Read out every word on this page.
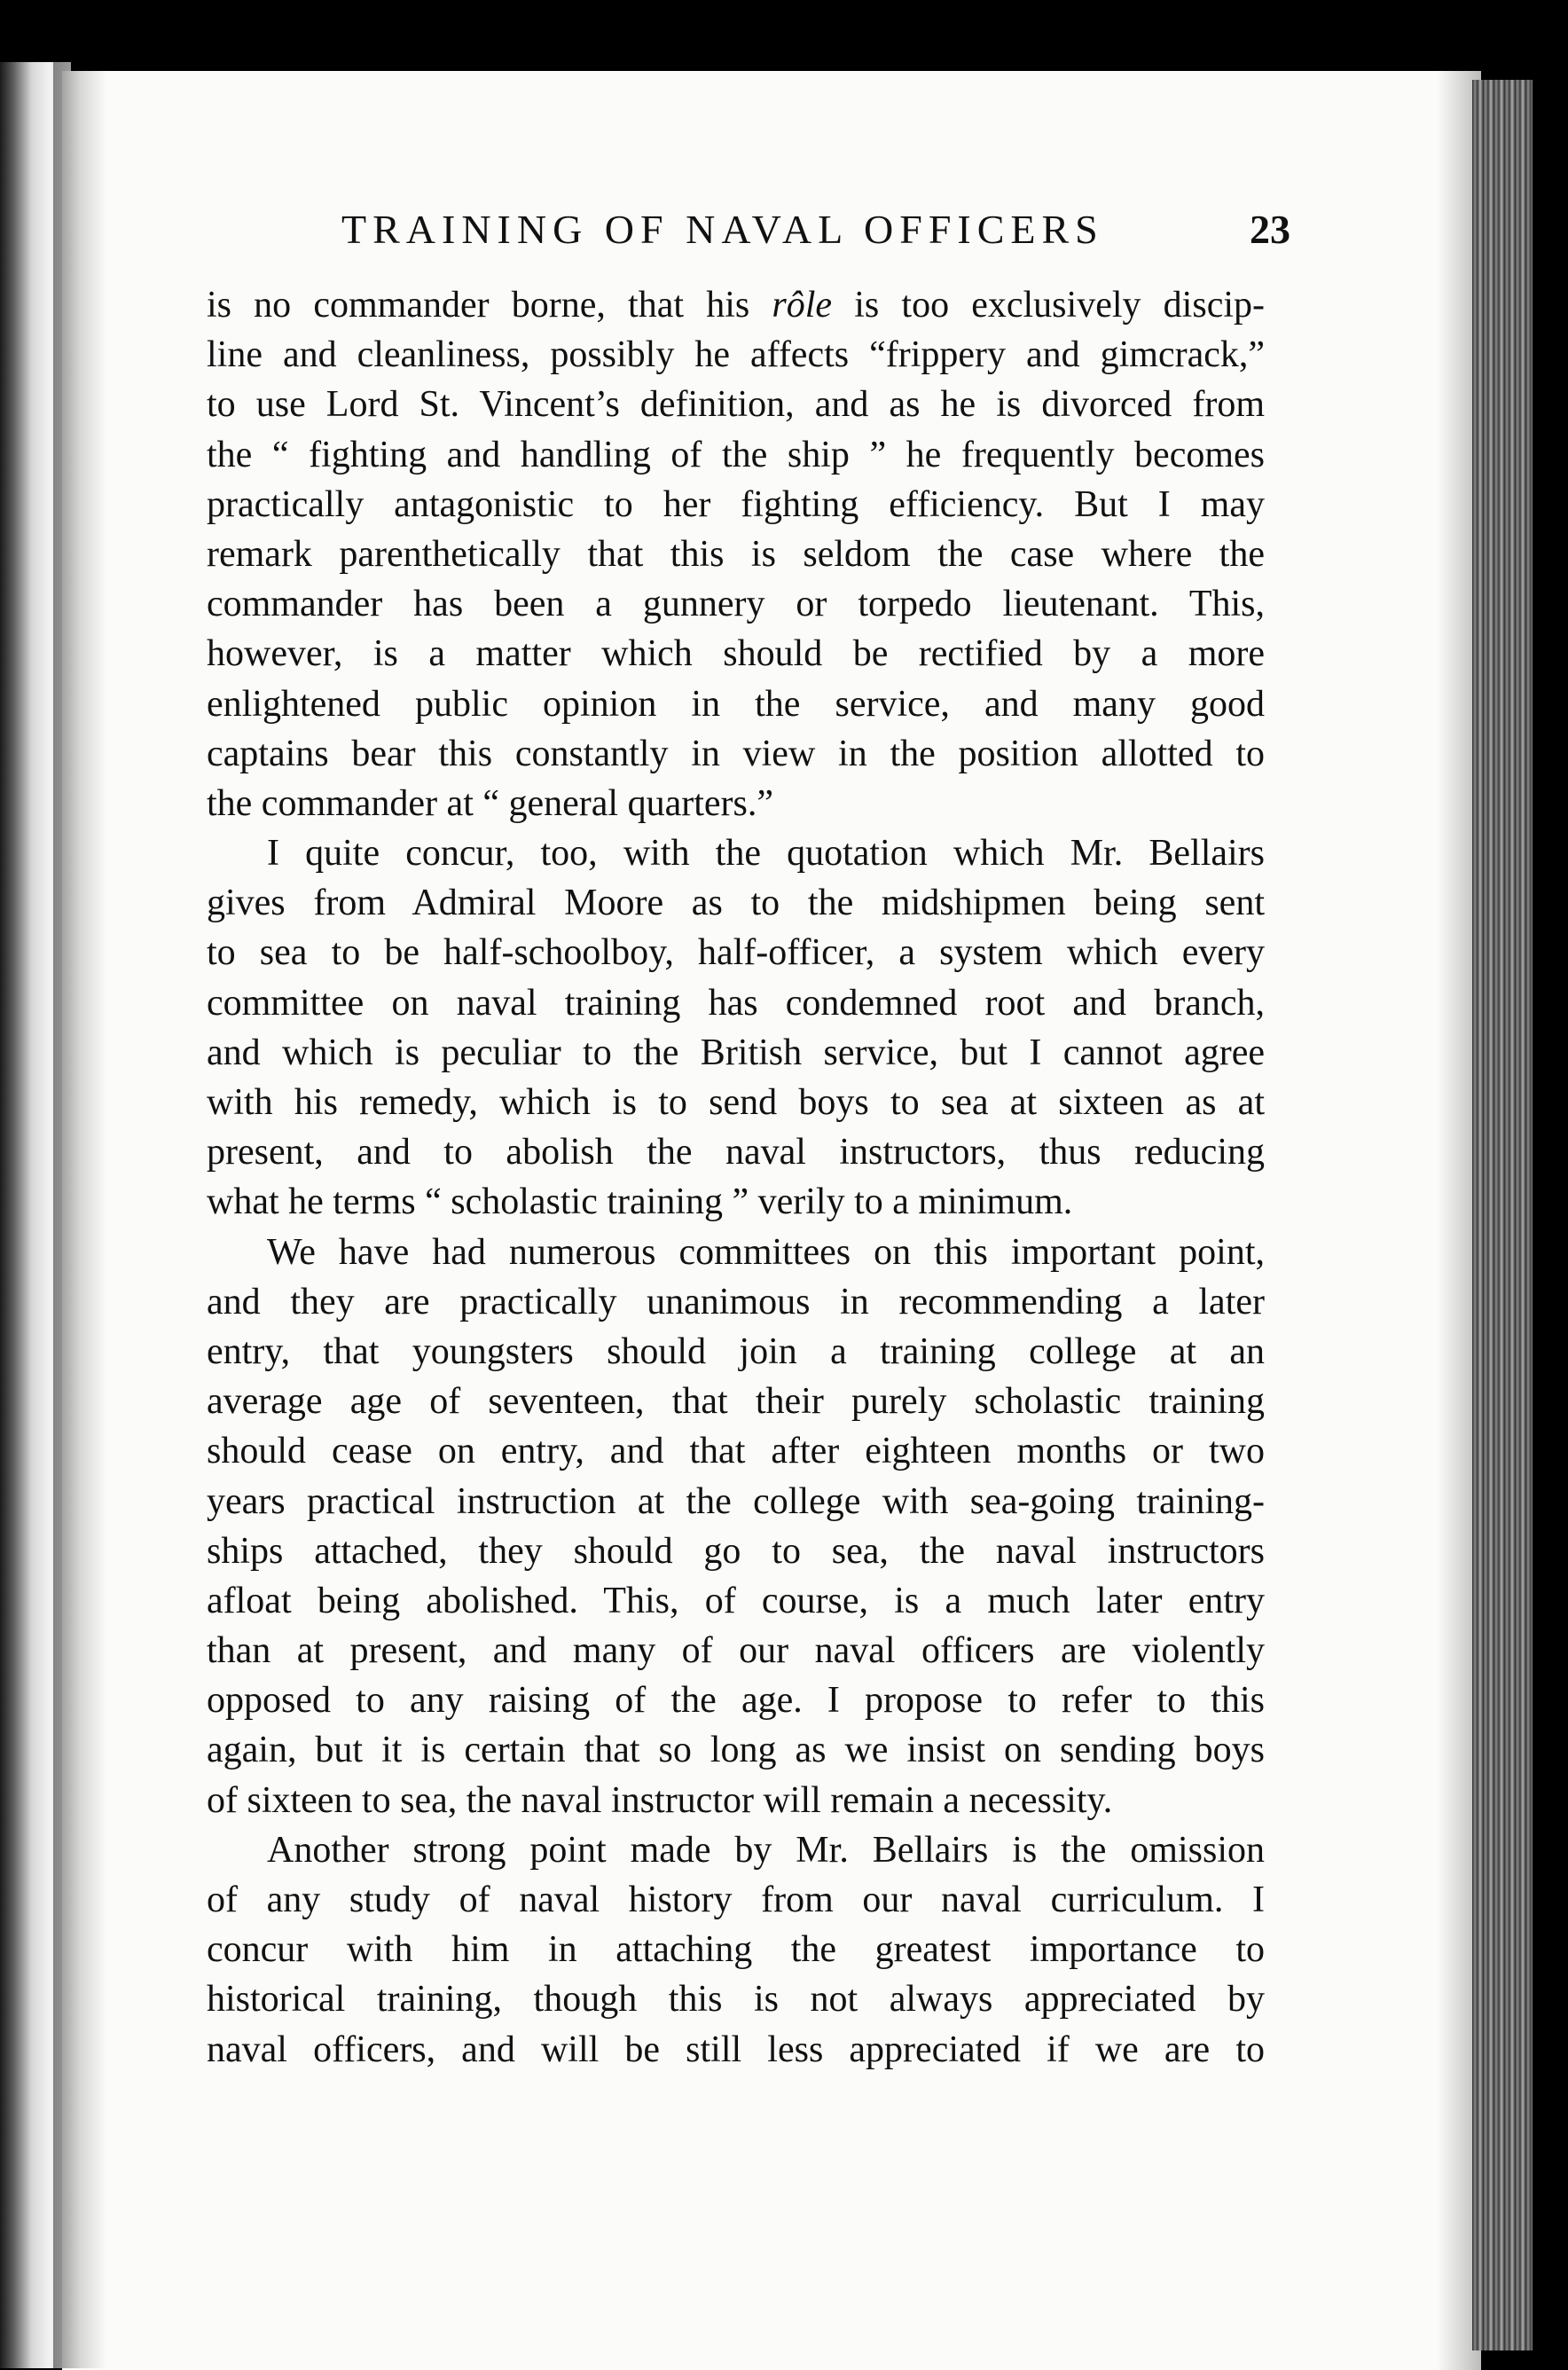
TRAINING OF NAVAL OFFICERS	23
is no commander borne, that his rôle is too exclusively discip-
line and cleanliness, possibly he affects “frippery and gimcrack,”
to use Lord St. Vincent’s definition, and as he is divorced from
the “ fighting and handling of the ship ” he frequently becomes
practically antagonistic to her fighting efficiency. But I may
remark parenthetically that this is seldom the case where the
commander has been a gunnery or torpedo lieutenant. This,
however, is a matter which should be rectified by a more
enlightened public opinion in the service, and many good
captains bear this constantly in view in the position allotted to
the commander at “ general quarters.”
I quite concur, too, with the quotation which Mr. Bellairs
gives from Admiral Moore as to the midshipmen being sent
to sea to be half-schoolboy, half-officer, a system which every
committee on naval training has condemned root and branch,
and which is peculiar to the British service, but I cannot agree
with his remedy, which is to send boys to sea at sixteen as at
present, and to abolish the naval instructors, thus reducing
what he terms “ scholastic training ” verily to a minimum.
We have had numerous committees on this important point,
and they are practically unanimous in recommending a later
entry, that youngsters should join a training college at an
average age of seventeen, that their purely scholastic training
should cease on entry, and that after eighteen months or two
years practical instruction at the college with sea-going training-
ships attached, they should go to sea, the naval instructors
afloat being abolished. This, of course, is a much later entry
than at present, and many of our naval officers are violently
opposed to any raising of the age. I propose to refer to this
again, but it is certain that so long as we insist on sending boys
of sixteen to sea, the naval instructor will remain a necessity.
Another strong point made by Mr. Bellairs is the omission
of any study of naval history from our naval curriculum. I
concur with him in attaching the greatest importance to
historical training, though this is not always appreciated by
naval officers, and will be still less appreciated if we are to
